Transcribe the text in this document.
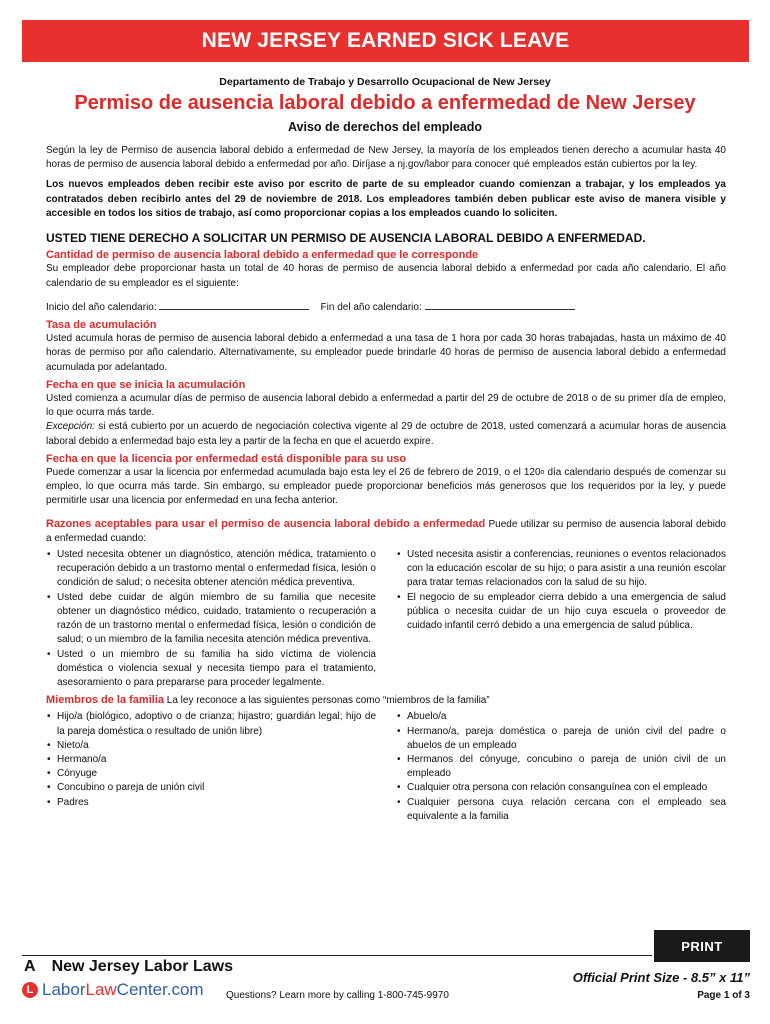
NEW JERSEY EARNED SICK LEAVE
Departamento de Trabajo y Desarrollo Ocupacional de New Jersey
Permiso de ausencia laboral debido a enfermedad de New Jersey
Aviso de derechos del empleado

Según la ley de Permiso de ausencia laboral debido a enfermedad de New Jersey, la mayoría de los empleados tienen derecho a acumular hasta 40 horas de permiso de ausencia laboral debido a enfermedad por año. Diríjase a nj.gov/labor para conocer qué empleados están cubiertos por la ley.

Los nuevos empleados deben recibir este aviso por escrito de parte de su empleador cuando comienzan a trabajar, y los empleados ya contratados deben recibirlo antes del 29 de noviembre de 2018. Los empleadores también deben publicar este aviso de manera visible y accesible en todos los sitios de trabajo, así como proporcionar copias a los empleados cuando lo soliciten.

USTED TIENE DERECHO A SOLICITAR UN PERMISO DE AUSENCIA LABORAL DEBIDO A ENFERMEDAD.

Cantidad de permiso de ausencia laboral debido a enfermedad que le corresponde

Su empleador debe proporcionar hasta un total de 40 horas de permiso de ausencia laboral debido a enfermedad por cada año calendario. El año calendario de su empleador es el siguiente:

Inicio del año calendario:	Fin del año calendario:

Tasa de acumulación

Usted acumula horas de permiso de ausencia laboral debido a enfermedad a una tasa de 1 hora por cada 30 horas trabajadas, hasta un máximo de 40 horas de permiso por año calendario. Alternativamente, su empleador puede brindarle 40 horas de permiso de ausencia laboral debido a enfermedad acumulada por adelantado.

Fecha en que se inicia la acumulación

Usted comienza a acumular días de permiso de ausencia laboral debido a enfermedad a partir del 29 de octubre de 2018 o de su primer día de empleo, lo que ocurra más tarde.

Excepción: si está cubierto por un acuerdo de negociación colectiva vigente al 29 de octubre de 2018, usted comenzará a acumular horas de ausencia laboral debido a enfermedad bajo esta ley a partir de la fecha en que el acuerdo expire.

Fecha en que la licencia por enfermedad está disponible para su uso

Puede comenzar a usar la licencia por enfermedad acumulada bajo esta ley el 26 de febrero de 2019, o el 120$^o$ día calendario después de comenzar su empleo, lo que ocurra más tarde. Sin embargo, su empleador puede proporcionar beneficios más generosos que los requeridos por la ley, y puede permitirle usar una licencia por enfermedad en una fecha anterior.

Razones aceptables para usar el permiso de ausencia laboral debido a enfermedad Puede utilizar su permiso de ausencia laboral debido a enfermedad cuando:

• Usted necesita obtener un diagnóstico, atención médica, tratamiento o recuperación debido a un trastorno mental o enfermedad física, lesión o condición de salud; o necesita obtener atención médica preventiva.
• Usted debe cuidar de algún miembro de su familia que necesite obtener un diagnóstico médico, cuidado, tratamiento o recuperación a razón de un trastorno mental o enfermedad física, lesión o condición de salud; o un miembro de la familia necesita atención médica preventiva.
• Usted o un miembro de su familia ha sido víctima de violencia doméstica o violencia sexual y necesita tiempo para el tratamiento, asesoramiento o para prepararse para proceder legalmente.
• Usted necesita asistir a conferencias, reuniones o eventos relacionados con la educación escolar de su hijo; o para asistir a una reunión escolar para tratar temas relacionados con la salud de su hijo.
• El negocio de su empleador cierra debido a una emergencia de salud pública o necesita cuidar de un hijo cuya escuela o proveedor de cuidado infantil cerró debido a una emergencia de salud pública.

Miembros de la familia La ley reconoce a las siguientes personas como “miembros de la familia”

• Hijo/a (biológico, adoptivo o de crianza; hijastro; guardián legal; hijo de la pareja doméstica o resultado de unión libre)
• Nieto/a
• Hermano/a
• Cónyuge
• Concubino o pareja de unión civil
• Padres
• Abuelo/a
• Hermano/a, pareja doméstica o pareja de unión civil del padre o abuelos de un empleado
• Hermanos del cónyuge, concubino o pareja de unión civil de un empleado
• Cualquier otra persona con relación consanguínea con el empleado
• Cualquier persona cuya relación cercana con el empleado sea equivalente a la familia
PRINT
A New Jersey Labor Laws
L Labor Law Center.com Questions? Learn more by calling 1-800-745-9970
Official Print Size - 8.5” x 11”
Page 1 of 3
